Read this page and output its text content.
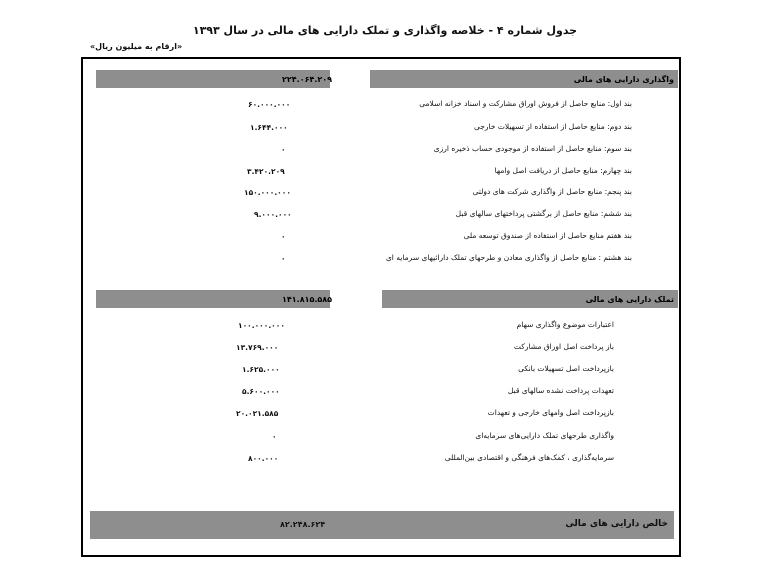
جدول شماره ۴ - خلاصه واگذاری و تملک دارایی های مالی در سال ۱۳۹۳
«ارقام به میلیون ریال»
۲۲۴.۰۶۴.۲۰۹	واگذاری دارایی های مالی
بند اول: منابع حاصل از فروش اوراق مشارکت و اسناد خزانه اسلامی
۶۰.۰۰۰.۰۰۰
بند دوم: منابع حاصل از استفاده از تسهیلات خارجی
۱.۶۴۴.۰۰۰
بند سوم: منابع حاصل از استفاده از موجودی حساب ذخیره ارزی
۰
بند چهارم: منابع حاصل از دریافت اصل وامها
۳.۴۲۰.۲۰۹
بند پنجم: منابع حاصل از واگذاری شرکت های دولتی
۱۵۰.۰۰۰.۰۰۰
بند ششم: منابع حاصل از برگشتی پرداختهای سالهای قبل
۹.۰۰۰.۰۰۰
بند هفتم منابع حاصل از استفاده از صندوق توسعه ملی
۰
بند هشتم : منابع حاصل از واگذاری معادن و طرحهای تملک دارائیهای سرمایه ای
۰
۱۴۱.۸۱۵.۵۸۵	تملک دارایی های مالی
اعتبارات موضوع واگذاری سهام
۱۰۰.۰۰۰.۰۰۰
باز پرداخت اصل اوراق مشارکت
۱۳.۷۶۹.۰۰۰
بازپرداخت اصل تسهیلات بانکی
۱.۶۲۵.۰۰۰
تعهدات پرداخت نشده سالهای قبل
۵.۶۰۰.۰۰۰
بازپرداخت اصل وامهای خارجی و تعهدات
۲۰.۰۲۱.۵۸۵
واگذاری طرحهای تملک دارایی‌های سرمایه‌ای
۰
سرمایه‌گذاری ، کمک‌های فرهنگی و اقتصادی بین‌المللی
۸۰۰.۰۰۰
خالص دارایی های مالی
۸۲.۲۴۸.۶۲۴
